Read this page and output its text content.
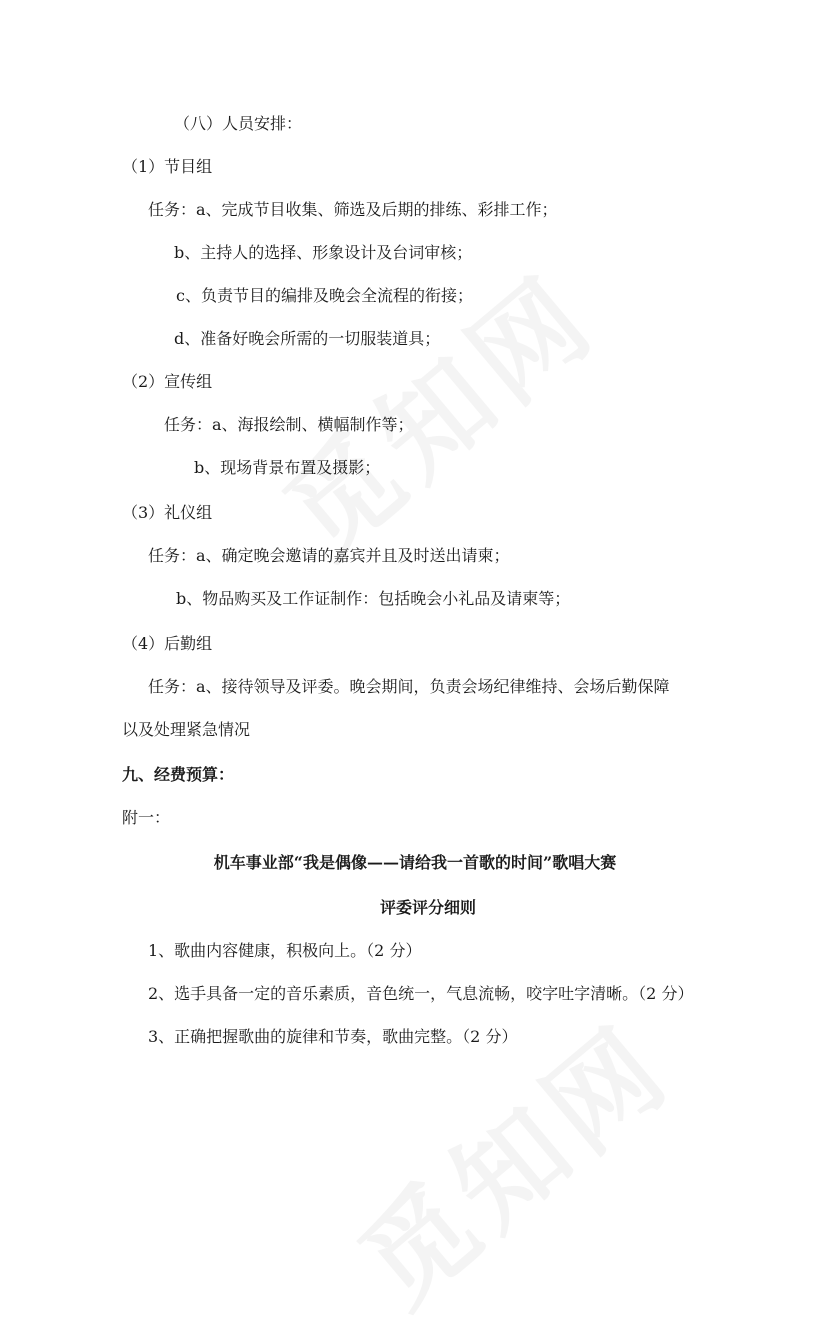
（八）人员安排：
（1）节目组
任务：a、完成节目收集、筛选及后期的排练、彩排工作；
b、主持人的选择、形象设计及台词审核；
c、负责节目的编排及晚会全流程的衔接；
d、准备好晚会所需的一切服装道具；
（2）宣传组
任务：a、海报绘制、横幅制作等；
b、现场背景布置及摄影；
（3）礼仪组
任务：a、确定晚会邀请的嘉宾并且及时送出请柬；
b、物品购买及工作证制作：包括晚会小礼品及请柬等；
（4）后勤组
任务：a、接待领导及评委。晚会期间，负责会场纪律维持、会场后勤保障
以及处理紧急情况
九、经费预算：
附一：
机车事业部“我是偶像——请给我一首歌的时间”歌唱大赛
评委评分细则
1、歌曲内容健康，积极向上。（2 分）
2、选手具备一定的音乐素质，音色统一，气息流畅，咬字吐字清晰。（2 分）
3、正确把握歌曲的旋律和节奏，歌曲完整。（2 分）
